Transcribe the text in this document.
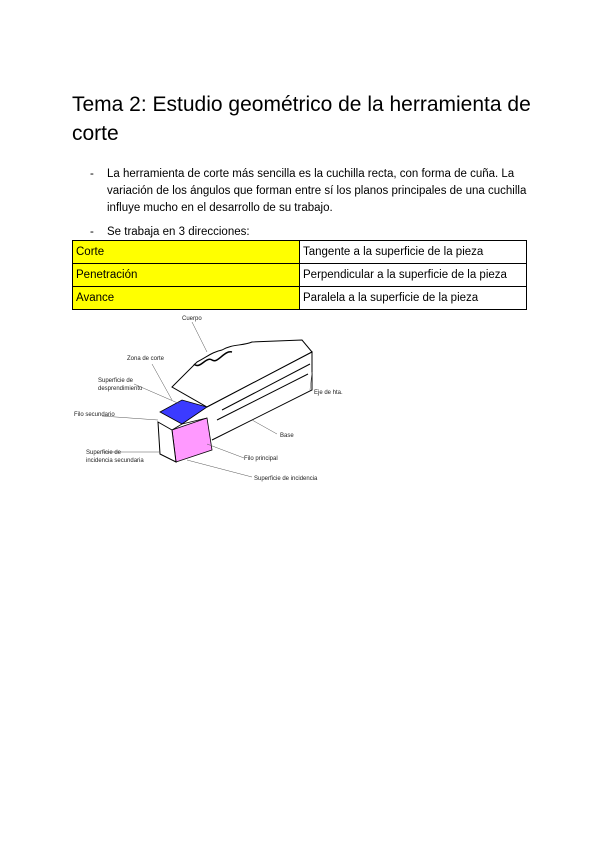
Tema 2: Estudio geométrico de la herramienta de corte
- La herramienta de corte más sencilla es la cuchilla recta, con forma de cuña. La variación de los ángulos que forman entre sí los planos principales de una cuchilla influye mucho en el desarrollo de su trabajo.
- Se trabaja en 3 direcciones:
Corte	Tangente a la superficie de la pieza
Penetración	Perpendicular a la superficie de la pieza
Avance	Paralela a la superficie de la pieza
Cuerpo
Zona de corte
Superficie de
desprendimiento
Filo secundario
Eje de hta.
Base
Superficie de
incidencia secundaria	Filo principal
Superficie de incidencia
